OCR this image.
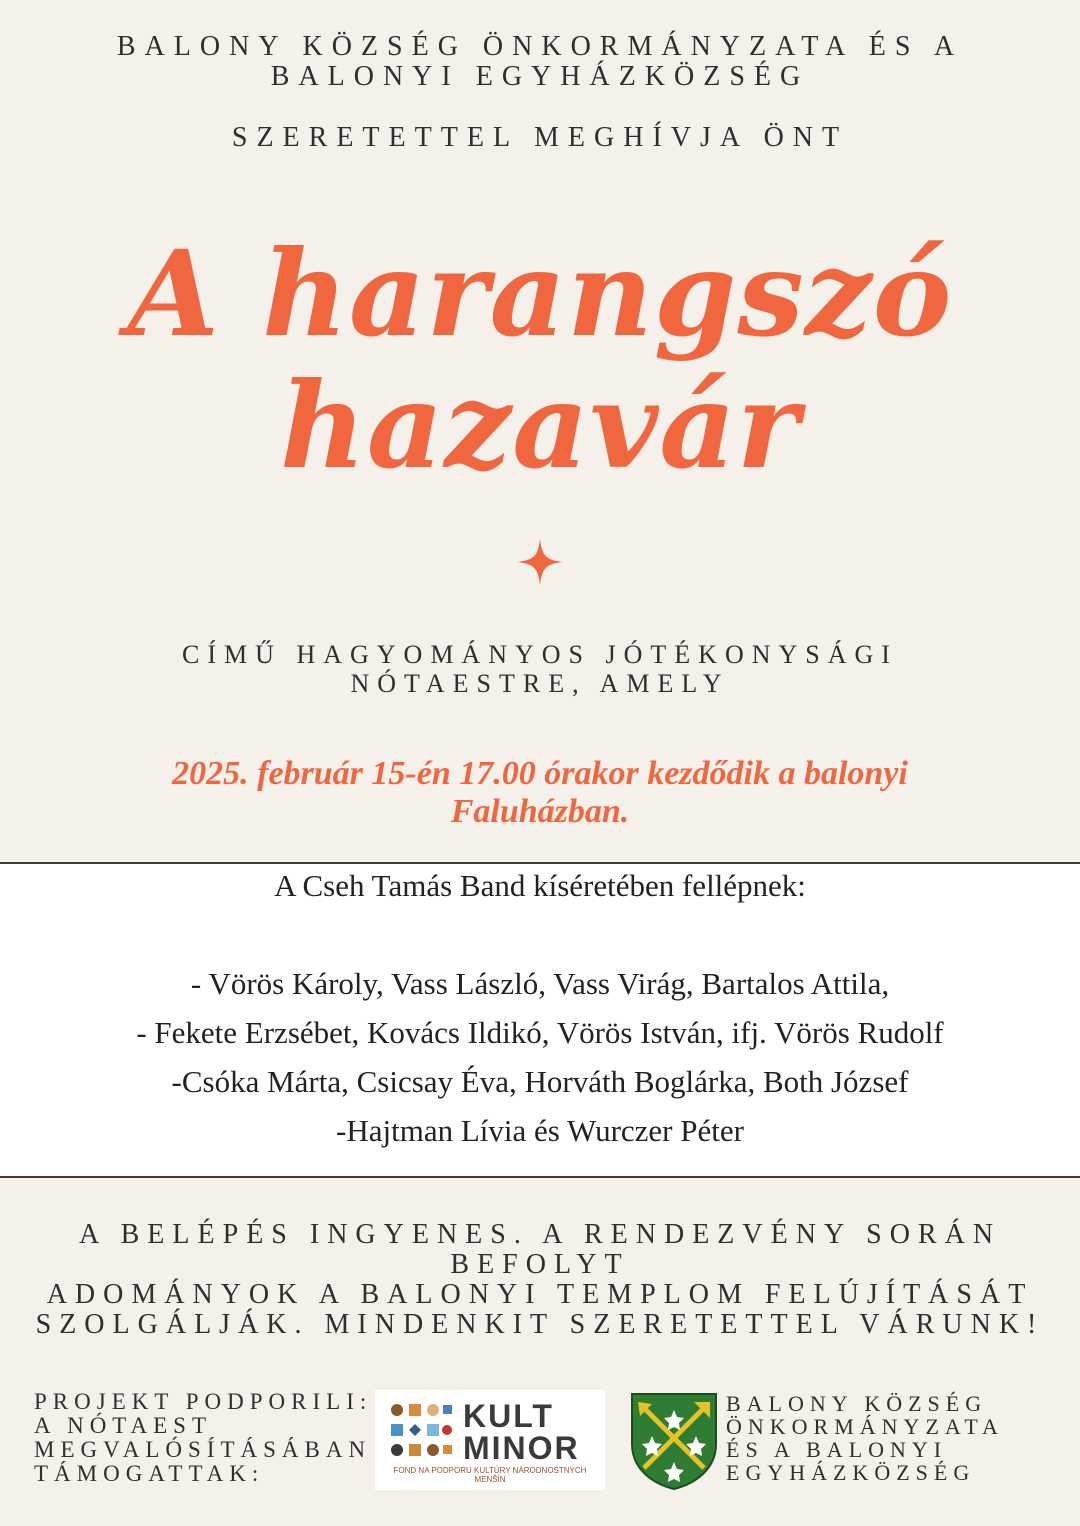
BALONY KÖZSÉG ÖNKORMÁNYZATA ÉS A
BALONYI EGYHÁZKÖZSÉG
SZERETETTEL MEGHÍVJA ÖNT
A harangszó
hazavár
CÍMŰ HAGYOMÁNYOS JÓTÉKONYSÁGI
NÓTAESTRE, AMELY
2025. február 15-én 17.00 órakor kezdődik a balonyi
Faluházban.
A Cseh Tamás Band kíséretében fellépnek:
- Vörös Károly, Vass László, Vass Virág, Bartalos Attila,
- Fekete Erzsébet, Kovács Ildikó, Vörös István, ifj. Vörös Rudolf
-Csóka Márta, Csicsay Éva, Horváth Boglárka, Both József
-Hajtman Lívia és Wurczer Péter
A BELÉPÉS INGYENES. A RENDEZVÉNY SORÁN BEFOLYT
ADOMÁNYOK A BALONYI TEMPLOM FELÚJÍTÁSÁT
SZOLGÁLJÁK. MINDENKIT SZERETETTEL VÁRUNK!
PROJEKT PODPORILI:
A NÓTAEST
MEGVALÓSÍTÁSÁBAN
TÁMOGATTAK:
KULT
MINOR
FOND NA PODPORU KULTÚRY NÁRODNOSTNÝCH MENŠÍN
BALONY KÖZSÉG
ÖNKORMÁNYZATA
ÉS A BALONYI
EGYHÁZKÖZSÉG
